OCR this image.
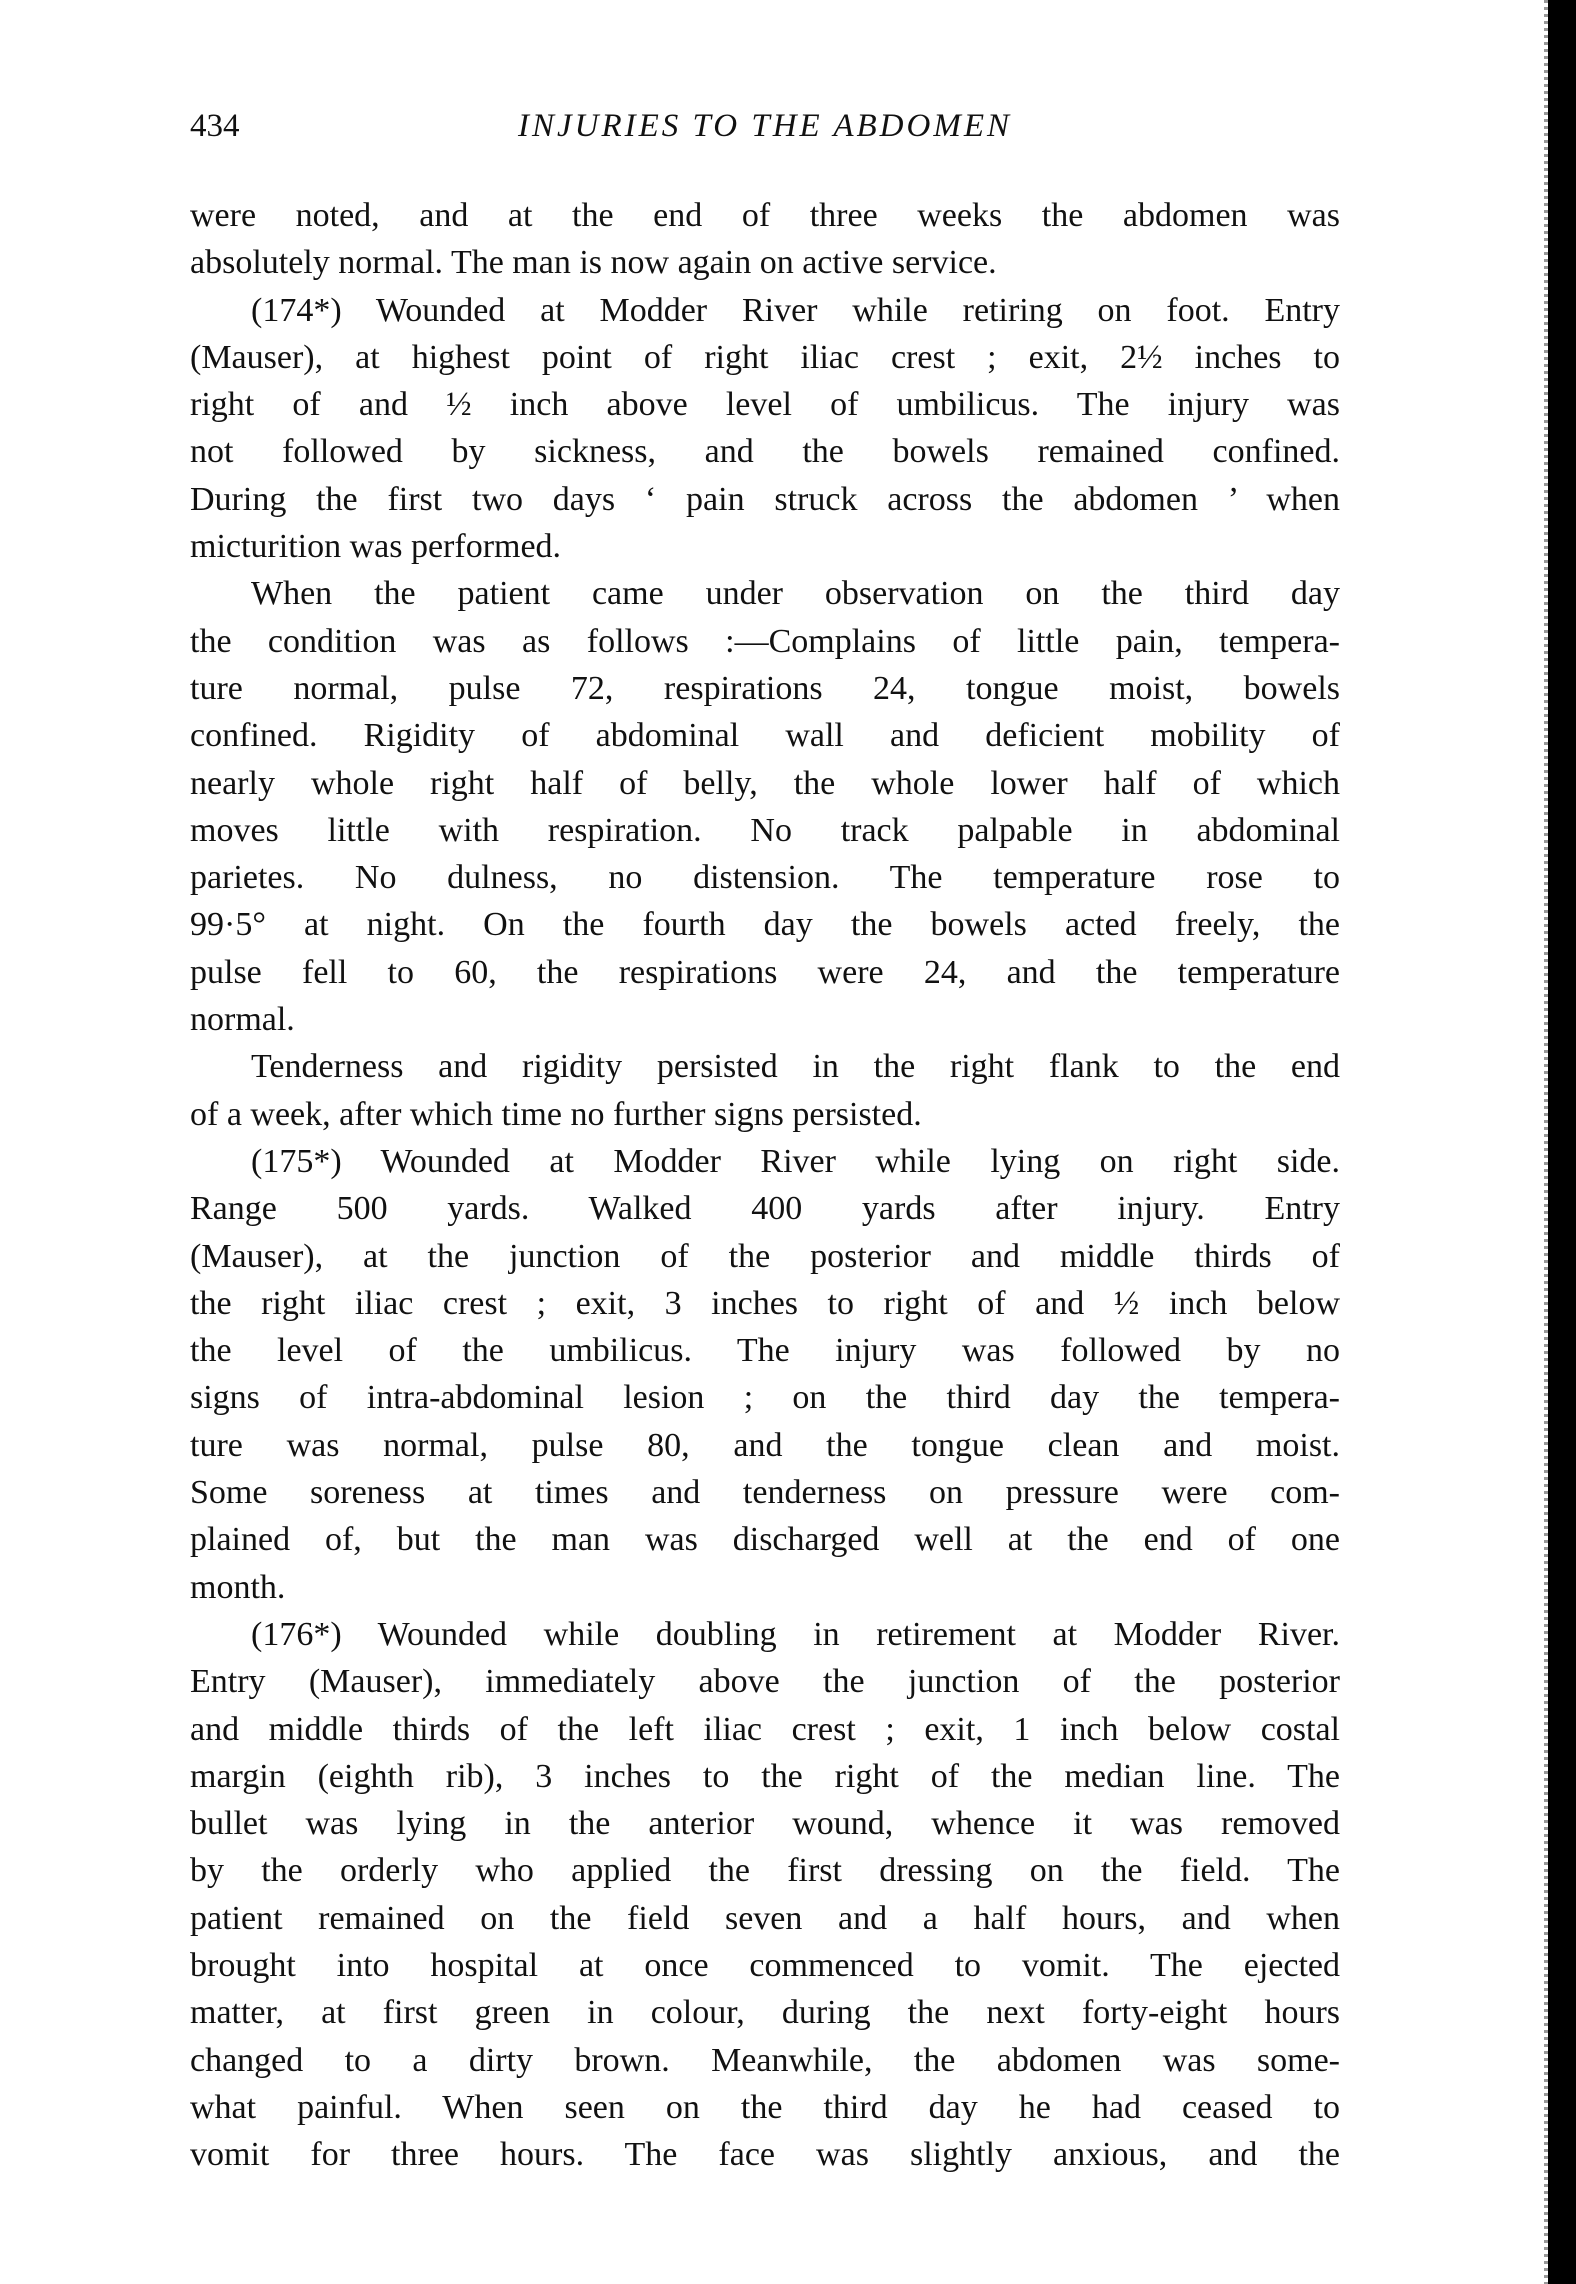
434	INJURIES TO THE ABDOMEN
were noted, and at the end of three weeks the abdomen was
absolutely normal. The man is now again on active service.
(174*) Wounded at Modder River while retiring on foot. Entry
(Mauser), at highest point of right iliac crest ; exit, 2½ inches to
right of and ½ inch above level of umbilicus. The injury was
not followed by sickness, and the bowels remained confined.
During the first two days ‘ pain struck across the abdomen ’ when
micturition was performed.
When the patient came under observation on the third day
the condition was as follows :—Complains of little pain, tempera-
ture normal, pulse 72, respirations 24, tongue moist, bowels
confined. Rigidity of abdominal wall and deficient mobility of
nearly whole right half of belly, the whole lower half of which
moves little with respiration. No track palpable in abdominal
parietes. No dulness, no distension. The temperature rose to
99·5° at night. On the fourth day the bowels acted freely, the
pulse fell to 60, the respirations were 24, and the temperature
normal.
Tenderness and rigidity persisted in the right flank to the end
of a week, after which time no further signs persisted.
(175*) Wounded at Modder River while lying on right side.
Range 500 yards. Walked 400 yards after injury. Entry
(Mauser), at the junction of the posterior and middle thirds of
the right iliac crest ; exit, 3 inches to right of and ½ inch below
the level of the umbilicus. The injury was followed by no
signs of intra-abdominal lesion ; on the third day the tempera-
ture was normal, pulse 80, and the tongue clean and moist.
Some soreness at times and tenderness on pressure were com-
plained of, but the man was discharged well at the end of one
month.
(176*) Wounded while doubling in retirement at Modder River.
Entry (Mauser), immediately above the junction of the posterior
and middle thirds of the left iliac crest ; exit, 1 inch below costal
margin (eighth rib), 3 inches to the right of the median line. The
bullet was lying in the anterior wound, whence it was removed
by the orderly who applied the first dressing on the field. The
patient remained on the field seven and a half hours, and when
brought into hospital at once commenced to vomit. The ejected
matter, at first green in colour, during the next forty-eight hours
changed to a dirty brown. Meanwhile, the abdomen was some-
what painful. When seen on the third day he had ceased to
vomit for three hours. The face was slightly anxious, and the
